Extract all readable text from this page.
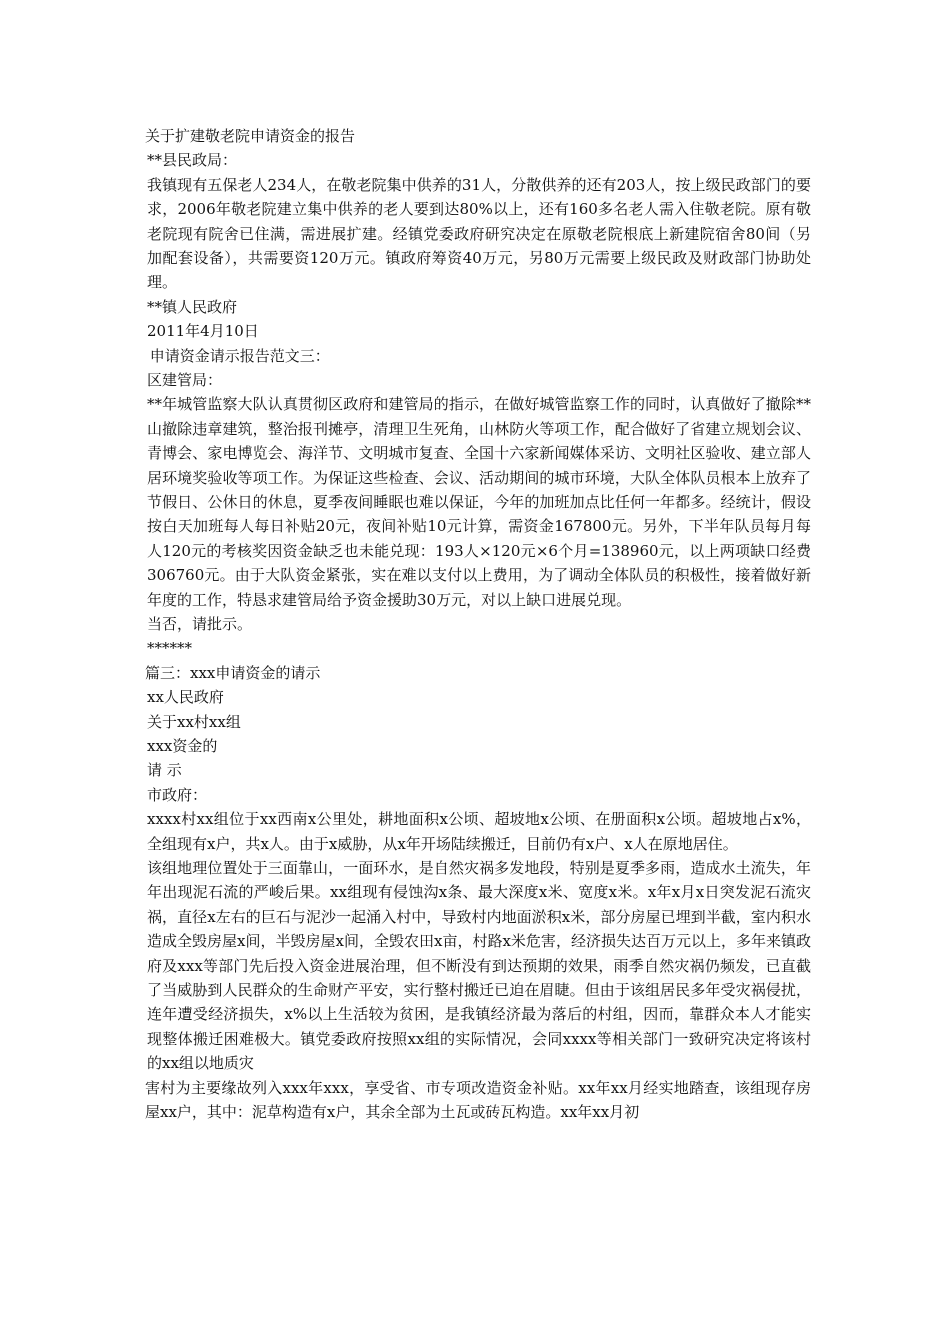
关于扩建敬老院申请资金的报告
**县民政局：
我镇现有五保老人234人，在敬老院集中供养的31人，分散供养的还有203人，按上级民政部门的要求，2006年敬老院建立集中供养的老人要到达80%以上，还有160多名老人需入住敬老院。原有敬老院现有院舍已住满，需进展扩建。经镇党委政府研究决定在原敬老院根底上新建院宿舍80间（另加配套设备），共需要资120万元。镇政府筹资40万元，另80万元需要上级民政及财政部门协助处理。
**镇人民政府
2011年4月10日
申请资金请示报告范文三：
区建管局：
**年城管监察大队认真贯彻区政府和建管局的指示，在做好城管监察工作的同时，认真做好了撤除**山撤除违章建筑，整治报刊摊亭，清理卫生死角，山林防火等项工作，配合做好了省建立规划会议、青博会、家电博览会、海洋节、文明城市复查、全国十六家新闻媒体采访、文明社区验收、建立部人居环境奖验收等项工作。为保证这些检查、会议、活动期间的城市环境，大队全体队员根本上放弃了节假日、公休日的休息，夏季夜间睡眠也难以保证，今年的加班加点比任何一年都多。经统计，假设按白天加班每人每日补贴20元，夜间补贴10元计算，需资金167800元。另外，下半年队员每月每人120元的考核奖因资金缺乏也未能兑现：193人×120元×6个月=138960元，以上两项缺口经费306760元。由于大队资金紧张，实在难以支付以上费用，为了调动全体队员的积极性，接着做好新年度的工作，特恳求建管局给予资金援助30万元，对以上缺口进展兑现。
当否，请批示。
******
篇三：xxx申请资金的请示
xx人民政府
关于xx村xx组
xxx资金的
请 示
市政府：
xxxx村xx组位于xx西南x公里处，耕地面积x公顷、超坡地x公顷、在册面积x公顷。超坡地占x%，全组现有x户，共x人。由于x威胁，从x年开场陆续搬迁，目前仍有x户、x人在原地居住。
该组地理位置处于三面靠山，一面环水，是自然灾祸多发地段，特别是夏季多雨，造成水土流失，年年出现泥石流的严峻后果。xx组现有侵蚀沟x条、最大深度x米、宽度x米。x年x月x日突发泥石流灾祸，直径x左右的巨石与泥沙一起涌入村中，导致村内地面淤积x米，部分房屋已埋到半截，室内积水造成全毁房屋x间，半毁房屋x间，全毁农田x亩，村路x米危害，经济损失达百万元以上，多年来镇政府及xxx等部门先后投入资金进展治理，但不断没有到达预期的效果，雨季自然灾祸仍频发，已直截了当威胁到人民群众的生命财产平安，实行整村搬迁已迫在眉睫。但由于该组居民多年受灾祸侵扰，连年遭受经济损失，x%以上生活较为贫困，是我镇经济最为落后的村组，因而，靠群众本人才能实现整体搬迁困难极大。镇党委政府按照xx组的实际情况，会同xxxx等相关部门一致研究决定将该村的xx组以地质灾
害村为主要缘故列入xxx年xxx，享受省、市专项改造资金补贴。xx年xx月经实地踏查，该组现存房屋xx户，其中：泥草构造有x户，其余全部为土瓦或砖瓦构造。xx年xx月初
